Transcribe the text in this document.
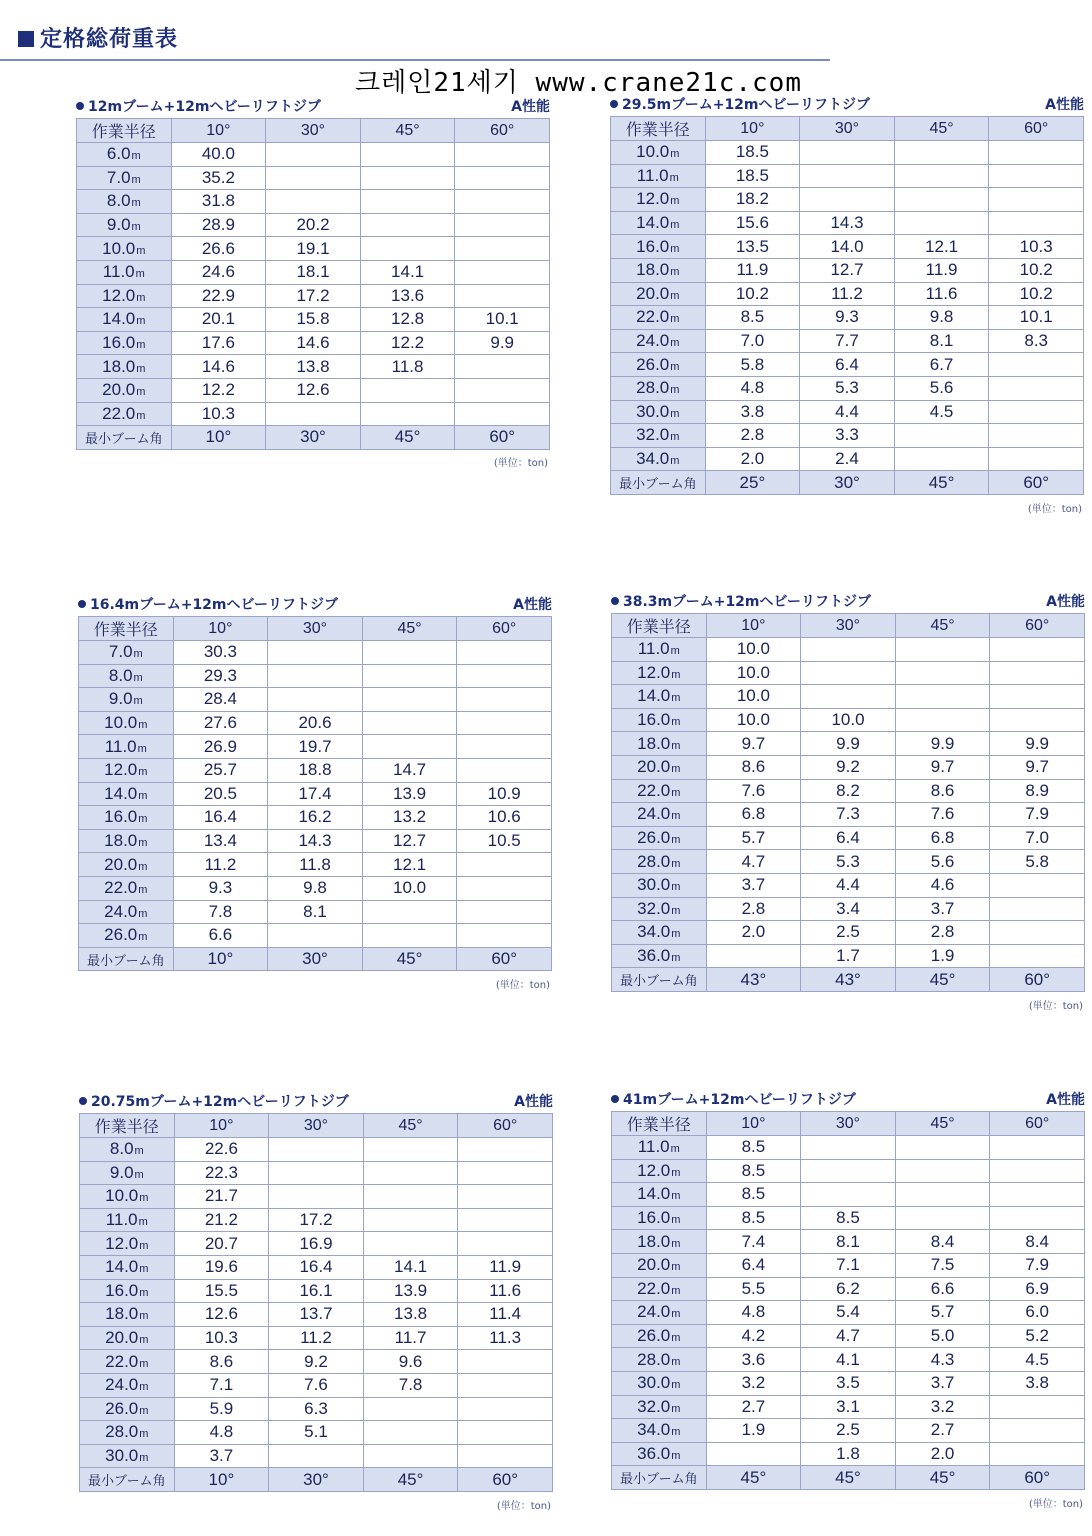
定格総荷重表
크레인21세기 www.crane21c.com
12mブーム+12mヘビーリフトジブ	A性能
作業半径	10°	30°	45°	60°
6.0m	40.0			
7.0m	35.2			
8.0m	31.8			
9.0m	28.9	20.2		
10.0m	26.6	19.1		
11.0m	24.6	18.1	14.1	
12.0m	22.9	17.2	13.6	
14.0m	20.1	15.8	12.8	10.1
16.0m	17.6	14.6	12.2	9.9
18.0m	14.6	13.8	11.8	
20.0m	12.2	12.6		
22.0m	10.3			
最小ブーム角	10°	30°	45°	60°
(単位：ton)
29.5mブーム+12mヘビーリフトジブ	A性能
作業半径	10°	30°	45°	60°
10.0m	18.5			
11.0m	18.5			
12.0m	18.2			
14.0m	15.6	14.3		
16.0m	13.5	14.0	12.1	10.3
18.0m	11.9	12.7	11.9	10.2
20.0m	10.2	11.2	11.6	10.2
22.0m	8.5	9.3	9.8	10.1
24.0m	7.0	7.7	8.1	8.3
26.0m	5.8	6.4	6.7	
28.0m	4.8	5.3	5.6	
30.0m	3.8	4.4	4.5	
32.0m	2.8	3.3		
34.0m	2.0	2.4		
最小ブーム角	25°	30°	45°	60°
(単位：ton)
16.4mブーム+12mヘビーリフトジブ	A性能
作業半径	10°	30°	45°	60°
7.0m	30.3			
8.0m	29.3			
9.0m	28.4			
10.0m	27.6	20.6		
11.0m	26.9	19.7		
12.0m	25.7	18.8	14.7	
14.0m	20.5	17.4	13.9	10.9
16.0m	16.4	16.2	13.2	10.6
18.0m	13.4	14.3	12.7	10.5
20.0m	11.2	11.8	12.1	
22.0m	9.3	9.8	10.0	
24.0m	7.8	8.1		
26.0m	6.6			
最小ブーム角	10°	30°	45°	60°
(単位：ton)
38.3mブーム+12mヘビーリフトジブ	A性能
作業半径	10°	30°	45°	60°
11.0m	10.0			
12.0m	10.0			
14.0m	10.0			
16.0m	10.0	10.0		
18.0m	9.7	9.9	9.9	9.9
20.0m	8.6	9.2	9.7	9.7
22.0m	7.6	8.2	8.6	8.9
24.0m	6.8	7.3	7.6	7.9
26.0m	5.7	6.4	6.8	7.0
28.0m	4.7	5.3	5.6	5.8
30.0m	3.7	4.4	4.6	
32.0m	2.8	3.4	3.7	
34.0m	2.0	2.5	2.8	
36.0m		1.7	1.9	
最小ブーム角	43°	43°	45°	60°
(単位：ton)
20.75mブーム+12mヘビーリフトジブ	A性能
作業半径	10°	30°	45°	60°
8.0m	22.6			
9.0m	22.3			
10.0m	21.7			
11.0m	21.2	17.2		
12.0m	20.7	16.9		
14.0m	19.6	16.4	14.1	11.9
16.0m	15.5	16.1	13.9	11.6
18.0m	12.6	13.7	13.8	11.4
20.0m	10.3	11.2	11.7	11.3
22.0m	8.6	9.2	9.6	
24.0m	7.1	7.6	7.8	
26.0m	5.9	6.3		
28.0m	4.8	5.1		
30.0m	3.7			
最小ブーム角	10°	30°	45°	60°
(単位：ton)
41mブーム+12mヘビーリフトジブ	A性能
作業半径	10°	30°	45°	60°
11.0m	8.5			
12.0m	8.5			
14.0m	8.5			
16.0m	8.5	8.5		
18.0m	7.4	8.1	8.4	8.4
20.0m	6.4	7.1	7.5	7.9
22.0m	5.5	6.2	6.6	6.9
24.0m	4.8	5.4	5.7	6.0
26.0m	4.2	4.7	5.0	5.2
28.0m	3.6	4.1	4.3	4.5
30.0m	3.2	3.5	3.7	3.8
32.0m	2.7	3.1	3.2	
34.0m	1.9	2.5	2.7	
36.0m		1.8	2.0	
最小ブーム角	45°	45°	45°	60°
(単位：ton)
